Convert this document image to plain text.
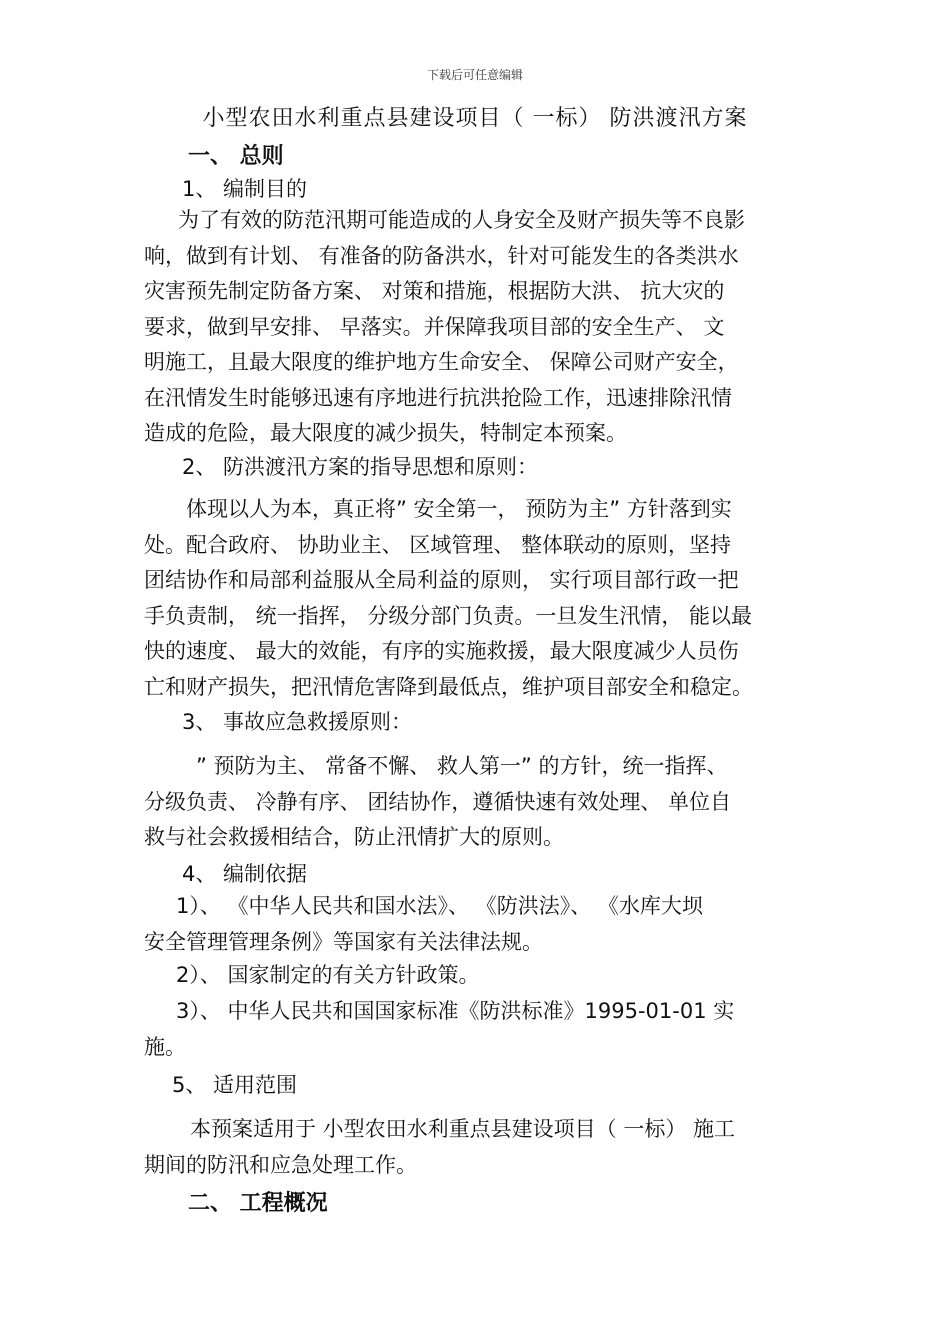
下载后可任意编辑
小型农田水利重点县建设项目（ 一标） 防洪渡汛方案
一、 总则
1、 编制目的
为了有效的防范汛期可能造成的人身安全及财产损失等不良影
响，做到有计划、 有准备的防备洪水，针对可能发生的各类洪水
灾害预先制定防备方案、 对策和措施，根据防大洪、 抗大灾的
要求，做到早安排、 早落实。并保障我项目部的安全生产、 文
明施工，且最大限度的维护地方生命安全、 保障公司财产安全，
在汛情发生时能够迅速有序地进行抗洪抢险工作，迅速排除汛情
造成的危险，最大限度的减少损失，特制定本预案。
2、 防洪渡汛方案的指导思想和原则：
体现以人为本，真正将” 安全第一， 预防为主” 方针落到实
处。配合政府、 协助业主、 区域管理、 整体联动的原则，坚持
团结协作和局部利益服从全局利益的原则， 实行项目部行政一把
手负责制， 统一指挥， 分级分部门负责。一旦发生汛情， 能以最
快的速度、 最大的效能，有序的实施救援，最大限度减少人员伤
亡和财产损失，把汛情危害降到最低点，维护项目部安全和稳定。
3、 事故应急救援原则：
” 预防为主、 常备不懈、 救人第一” 的方针，统一指挥、
分级负责、 冷静有序、 团结协作，遵循快速有效处理、 单位自
救与社会救援相结合，防止汛情扩大的原则。
4、 编制依据
1）、 《中华人民共和国水法》、 《防洪法》、 《水库大坝
安全管理管理条例》等国家有关法律法规。
2）、 国家制定的有关方针政策。
3）、 中华人民共和国国家标准《防洪标准》1995-01-01 实
施。
5、 适用范围
本预案适用于 小型农田水利重点县建设项目（ 一标） 施工
期间的防汛和应急处理工作。
二、 工程概况
